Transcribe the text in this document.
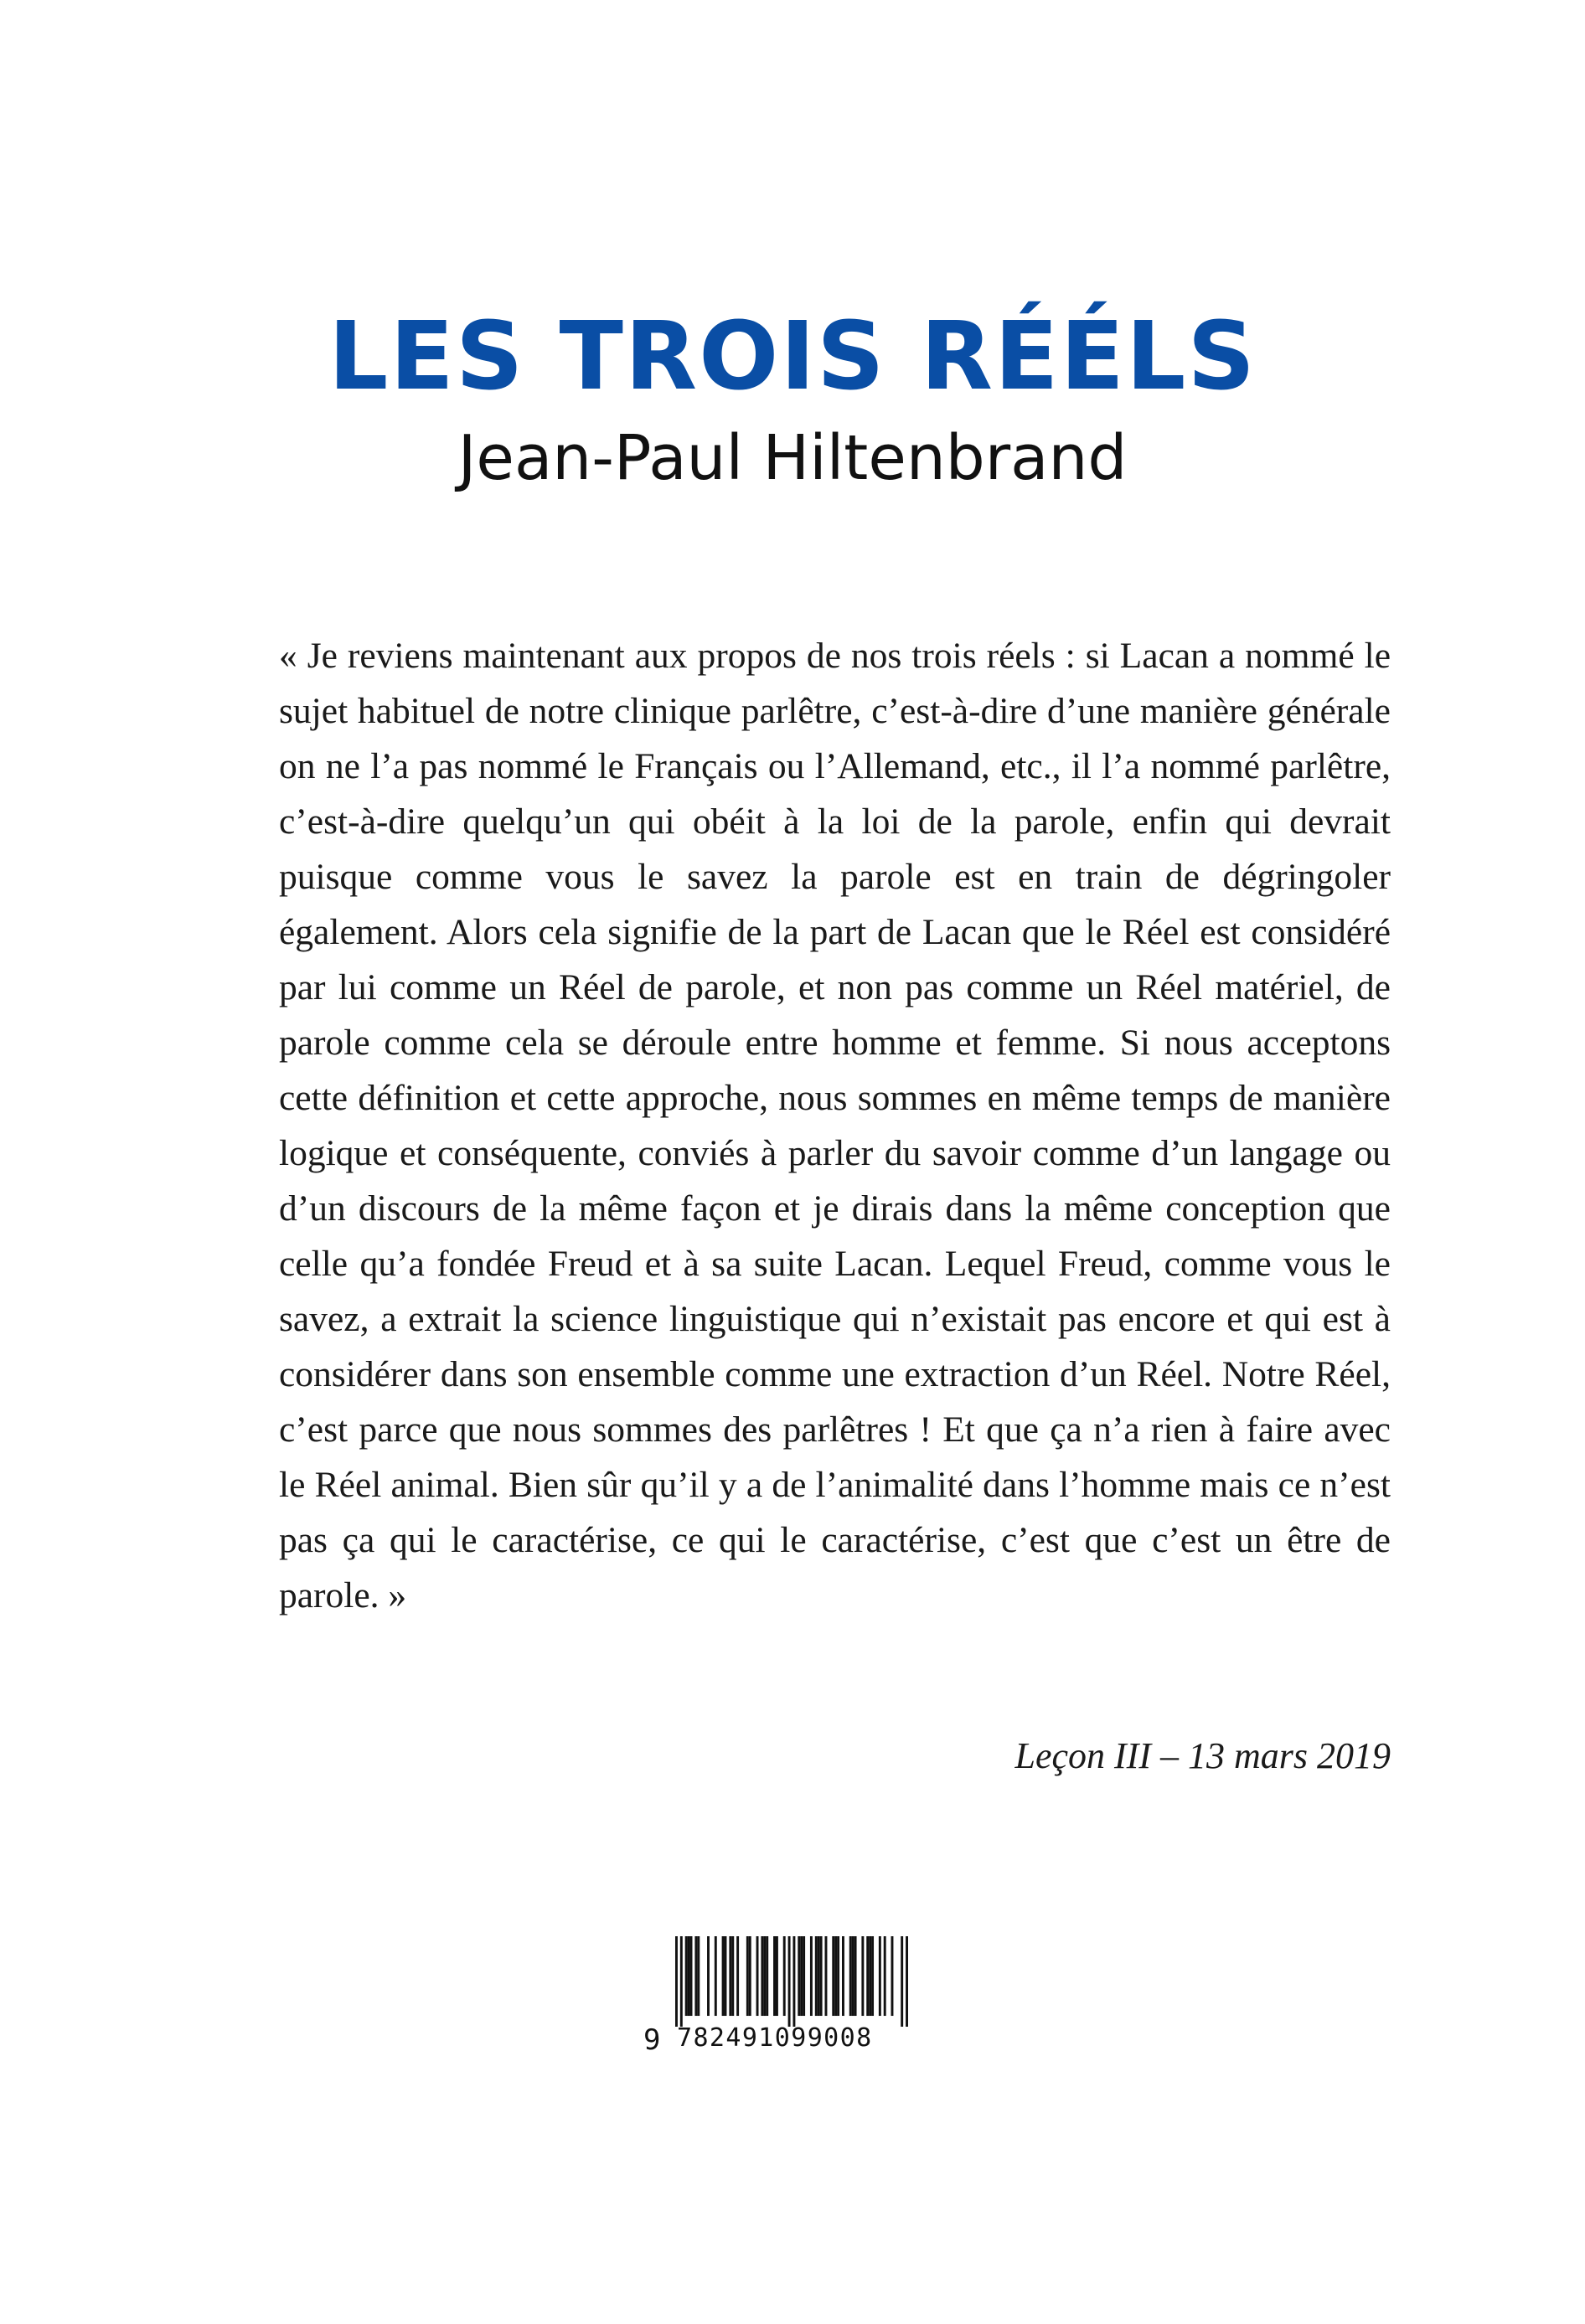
LES TROIS RÉÉLS
Jean-Paul Hiltenbrand
« Je reviens maintenant aux propos de nos trois réels : si Lacan a nommé le sujet habituel de notre clinique parlêtre, c’est-à-dire d’une manière générale on ne l’a pas nommé le Français ou l’Allemand, etc., il l’a nommé parlêtre, c’est-à-dire quelqu’un qui obéit à la loi de la parole, enfin qui devrait puisque comme vous le savez la parole est en train de dégringoler également. Alors cela signifie de la part de Lacan que le Réel est considéré par lui comme un Réel de parole, et non pas comme un Réel matériel, de parole comme cela se déroule entre homme et femme. Si nous acceptons cette définition et cette approche, nous sommes en même temps de manière logique et conséquente, conviés à parler du savoir comme d’un langage ou d’un discours de la même façon et je dirais dans la même conception que celle qu’a fondée Freud et à sa suite Lacan. Lequel Freud, comme vous le savez, a extrait la science linguistique qui n’existait pas encore et qui est à considérer dans son ensemble comme une extraction d’un Réel. Notre Réel, c’est parce que nous sommes des parlêtres ! Et que ça n’a rien à faire avec le Réel animal. Bien sûr qu’il y a de l’animalité dans l’homme mais ce n’est pas ça qui le caractérise, ce qui le caractérise, c’est que c’est un être de parole. »
Leçon III – 13 mars 2019
9 782491099008
